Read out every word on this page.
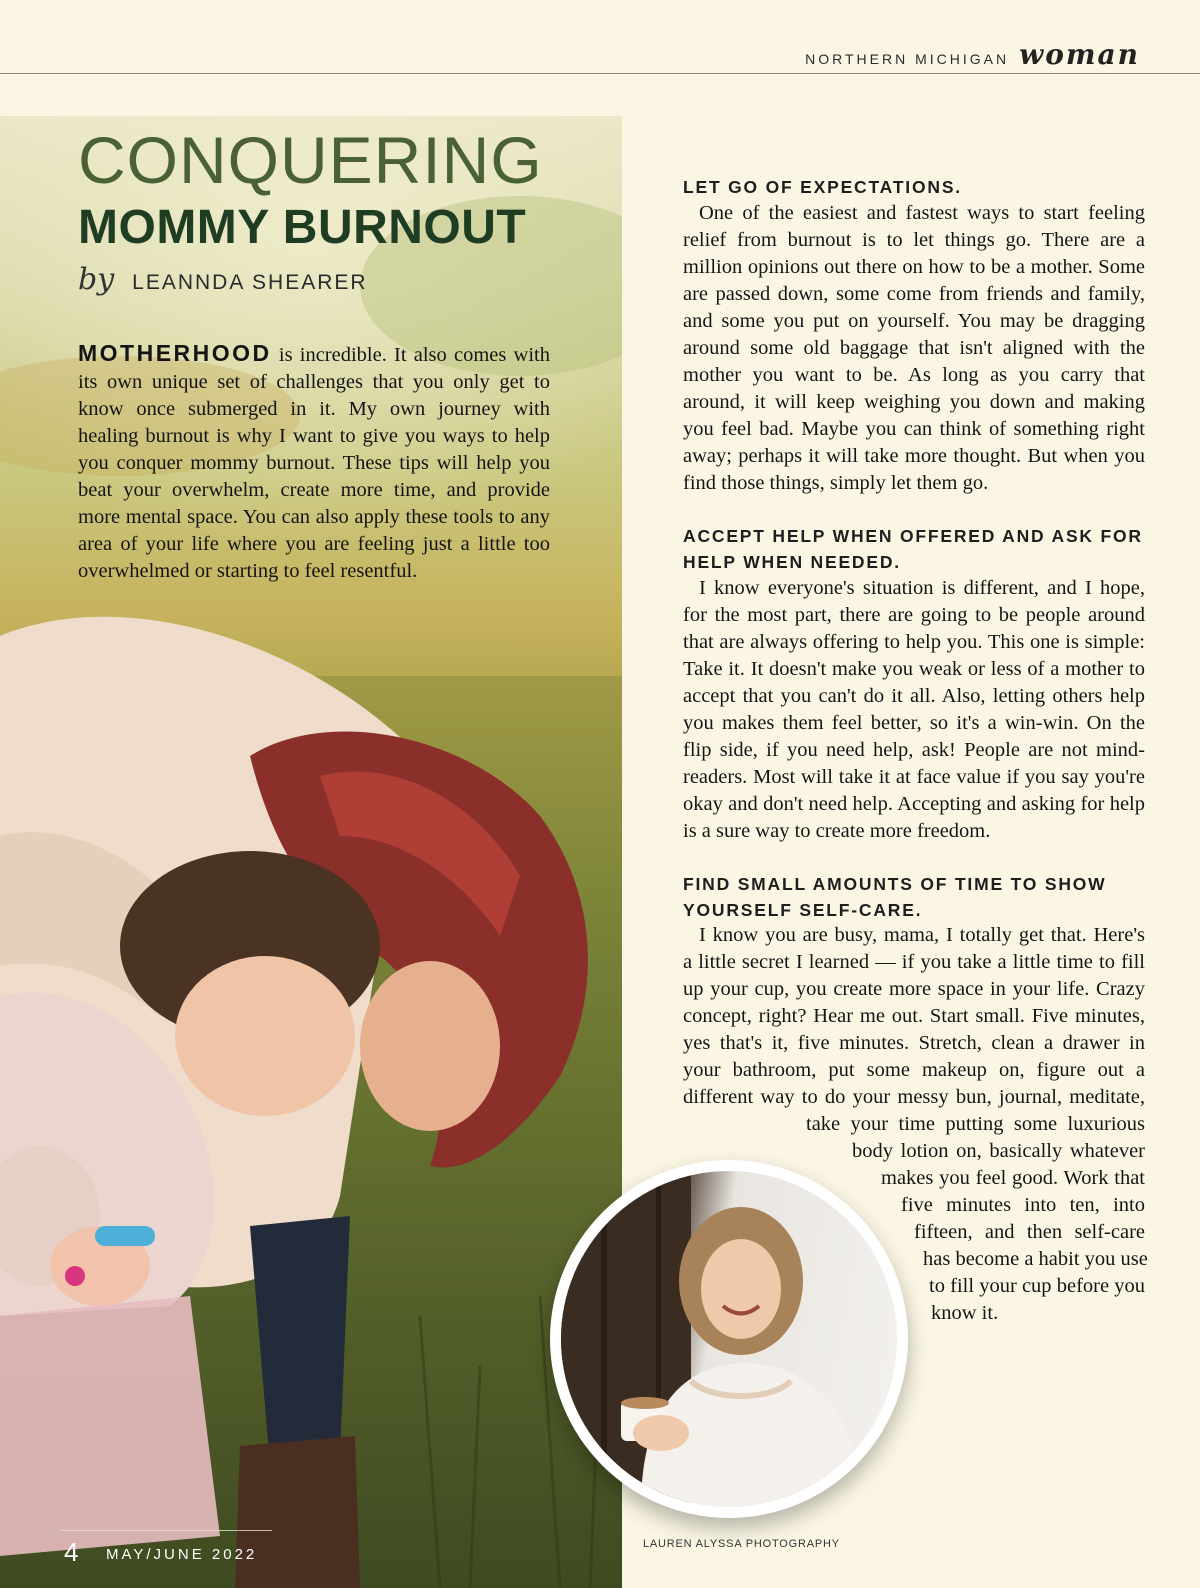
NORTHERN MICHIGAN woman
CONQUERING
MOMMY BURNOUT
by LEANNDA SHEARER

MOTHERHOOD is incredible. It also comes with its own unique set of challenges that you only get to know once submerged in it. My own journey with healing burnout is why I want to give you ways to help you conquer mommy burnout. These tips will help you beat your overwhelm, create more time, and provide more mental space. You can also apply these tools to any area of your life where you are feeling just a little too overwhelmed or starting to feel resentful.

LET GO OF EXPECTATIONS.

One of the easiest and fastest ways to start feeling relief from burnout is to let things go. There are a million opinions out there on how to be a mother. Some are passed down, some come from friends and family, and some you put on yourself. You may be dragging around some old baggage that isn't aligned with the mother you want to be. As long as you carry that around, it will keep weighing you down and making you feel bad. Maybe you can think of something right away; perhaps it will take more thought. But when you find those things, simply let them go.

ACCEPT HELP WHEN OFFERED AND ASK FOR HELP WHEN NEEDED.

I know everyone's situation is different, and I hope, for the most part, there are going to be people around that are always offering to help you. This one is simple: Take it. It doesn't make you weak or less of a mother to accept that you can't do it all. Also, letting others help you makes them feel better, so it's a win-win. On the flip side, if you need help, ask! People are not mind-readers. Most will take it at face value if you say you're okay and don't need help. Accepting and asking for help is a sure way to create more freedom.

FIND SMALL AMOUNTS OF TIME TO SHOW YOURSELF SELF-CARE.
I know you are busy, mama, I totally get that. Here's
a little secret I learned — if you take a little time to fill
up your cup, you create more space in your life. Crazy
concept, right? Hear me out. Start small. Five minutes,
yes that's it, five minutes. Stretch, clean a drawer in
your bathroom, put some makeup on, figure out a
different way to do your messy bun, journal, meditate,
take your time putting some luxurious
body lotion on, basically whatever
makes you feel good. Work that
five minutes into ten, into
fifteen, and then self-care
has become a habit you use
to fill your cup before you
know it.
LAUREN ALYSSA PHOTOGRAPHY
4 MAY/JUNE 2022
